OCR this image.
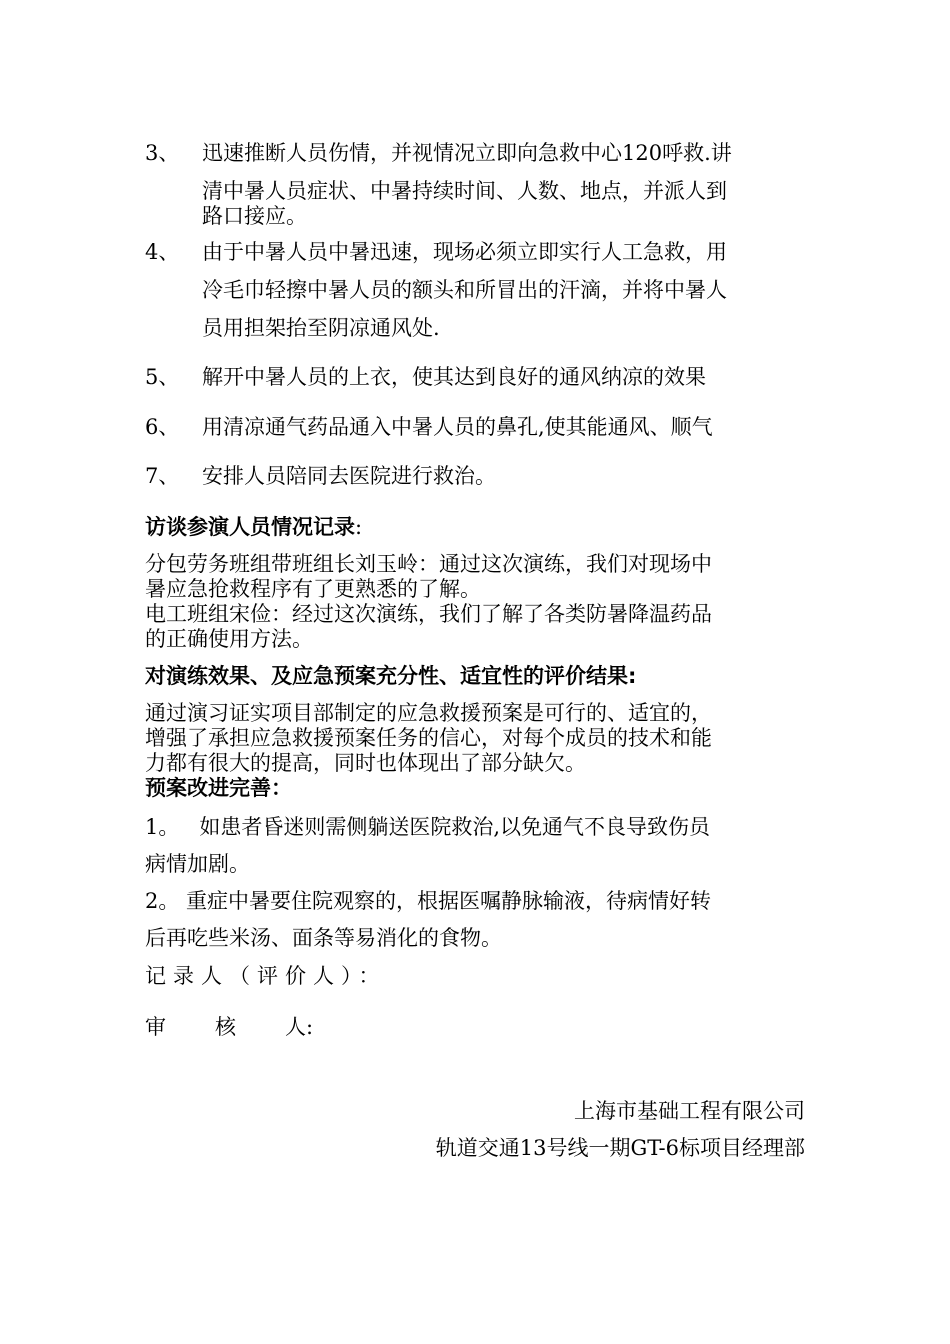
3、	迅速推断人员伤情，并视情况立即向急救中心120呼救.讲
清中暑人员症状、中暑持续时间、人数、地点，并派人到
路口接应。
4、	由于中暑人员中暑迅速，现场必须立即实行人工急救，用
冷毛巾轻擦中暑人员的额头和所冒出的汗滴，并将中暑人
员用担架抬至阴凉通风处.
5、	解开中暑人员的上衣，使其达到良好的通风纳凉的效果
6、	用清凉通气药品通入中暑人员的鼻孔,使其能通风、顺气
7、	安排人员陪同去医院进行救治。
访谈参演人员情况记录:
分包劳务班组带班组长刘玉岭：通过这次演练，我们对现场中
暑应急抢救程序有了更熟悉的了解。
电工班组宋俭：经过这次演练，我们了解了各类防暑降温药品
的正确使用方法。
对演练效果、及应急预案充分性、适宜性的评价结果:
通过演习证实项目部制定的应急救援预案是可行的、适宜的，
增强了承担应急救援预案任务的信心，对每个成员的技术和能
力都有很大的提高，同时也体现出了部分缺欠。
预案改进完善：
1。   如患者昏迷则需侧躺送医院救治,以免通气不良导致伤员
病情加剧。
2。 重症中暑要住院观察的，根据医嘱静脉输液，待病情好转
后再吃些米汤、面条等易消化的食物。
记录人（评价人）：
审 核 人:
上海市基础工程有限公司
轨道交通13号线一期GT-6标项目经理部
